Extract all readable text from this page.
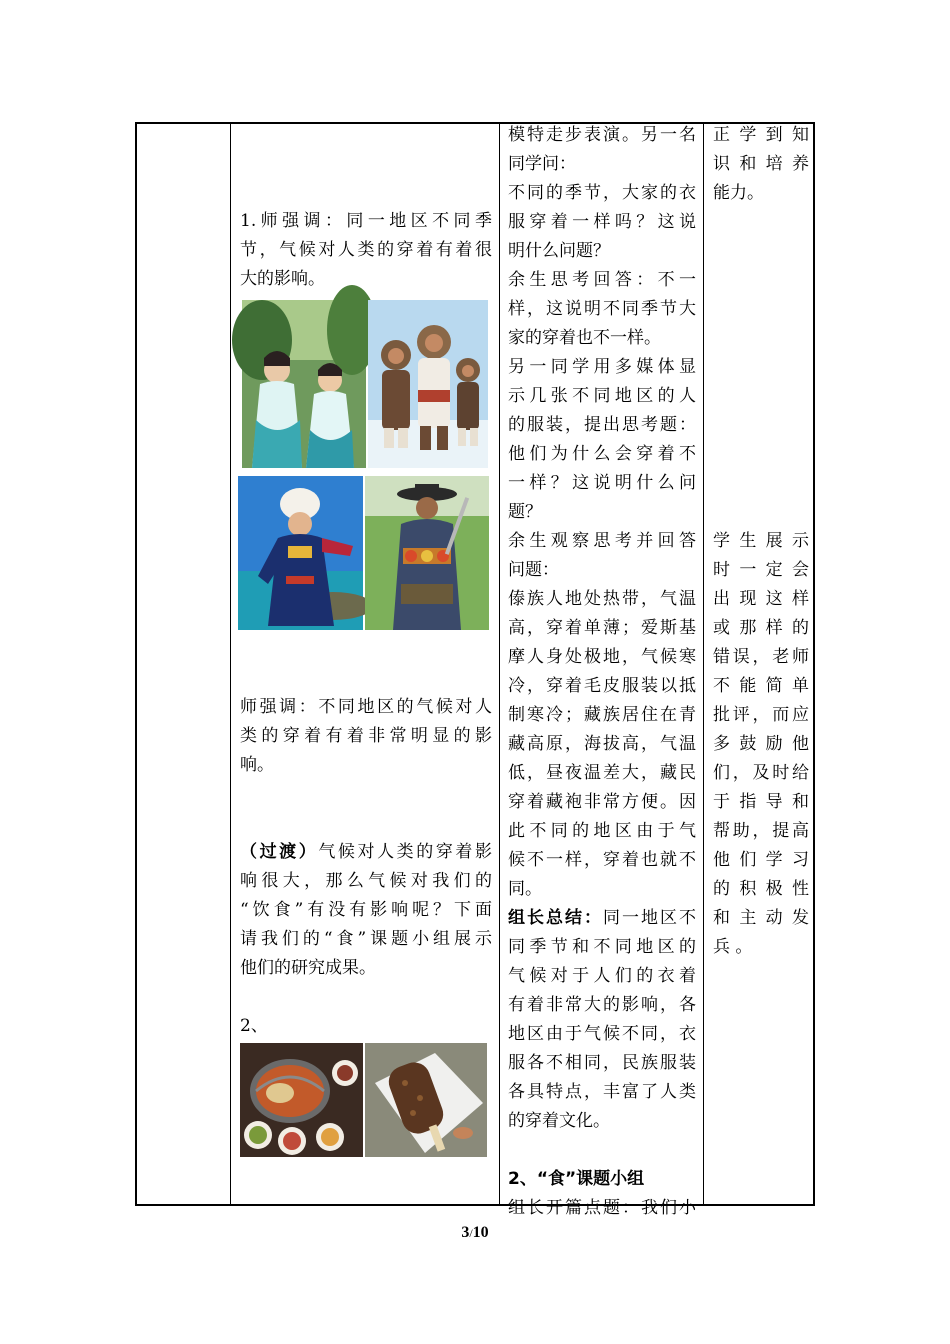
1.师强调：同一地区不同季

节，气候对人类的穿着有着很

大的影响。

师强调：不同地区的气候对人

类的穿着有着非常明显的影

响。

（过渡）气候对人类的穿着影

响很大，那么气候对我们的

“饮食”有没有影响呢？下面

请我们的“食”课题小组展示

他们的研究成果。

2、

模特走步表演。另一名

同学问：

不同的季节，大家的衣

服穿着一样吗？这说

明什么问题？

余生思考回答：不一

样，这说明不同季节大

家的穿着也不一样。

另一同学用多媒体显

示几张不同地区的人

的服装，提出思考题：

他们为什么会穿着不

一样？这说明什么问

题？

余生观察思考并回答

问题：

傣族人地处热带，气温

高，穿着单薄；爱斯基

摩人身处极地，气候寒

冷，穿着毛皮服装以抵

制寒冷；藏族居住在青

藏高原，海拔高，气温

低，昼夜温差大，藏民

穿着藏袍非常方便。因

此不同的地区由于气

候不一样，穿着也就不

同。

组长总结：同一地区不

同季节和不同地区的

气候对于人们的衣着

有着非常大的影响，各

地区由于气候不同，衣

服各不相同，民族服装

各具特点，丰富了人类

的穿着文化。

2、“食”课题小组

组长开篇点题：我们小

正学到知

识和培养

能力。

学生展示

时一定会

出现这样

或那样的

错误，老师

不能简单

批评，而应

多鼓励他

们，及时给

于指导和

帮助，提高

他们学习

的积极性

和主动发

兵 。

3/10
